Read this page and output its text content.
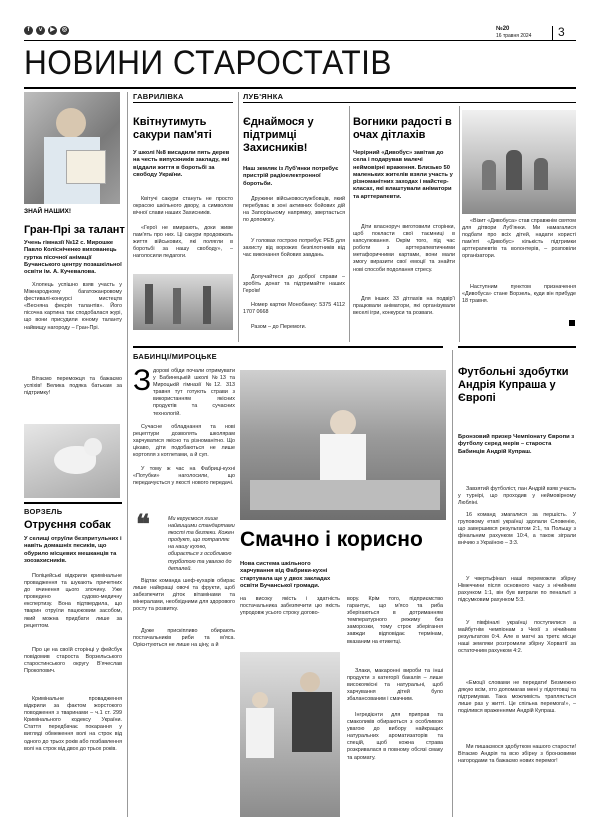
f	v	▶	◎	№20
16 травня 2024 3
НОВИНИ СТАРОСТАТІВ
ЗНАЙ НАШИХ!
Гран-Прі за талант
Учень гімназії №12 с. Мирошке Павло Колісніченко вихованець гуртка пісочної анімації Бучанського центру позашкільної освіти ім. А. Кучевалова.
Хлопець успішно взяв участь у Міжнародному багатожанровому фестивалі-конкурсі мистецтв «Весняна феєрія талантів». Його пісочна картина так сподобалася журі, що вони присудили юному таланту найвищу нагороду – Гран-Прі.
Вітаємо переможця та бажаємо успіхів! Велика подяка батькам за підтримку!
ВОРЗЕЛЬ
Отруєння собак
У селищі отруїли безпритульних і навіть домашніх песиків, що обурило місцевих мешканців та зоозахисників.
Поліцейські відкрили кримінальне провадження та шукають причетних до вчинення цього злочину. Уже проведено судово-медичну експертизу. Вона підтвердила, що тварин отруїли пацюковим засобом, який можна придбати лише за рецептом.
Про це на своїй сторінці у фейсбук повідомив староста Ворзельського старостинського округу В'ячеслав Прокопович.
Кримінальне провадження відкрили за фактом жорстокого поводження з тваринами – ч.1 ст. 299 Кримінального кодексу України. Стаття передбачає покарання у вигляді обмеження волі на строк від одного до трьох років або позбавлення волі на строк від двох до трьох років.
ГАВРИЛІВКА
Квітнутимуть сакури пам'яті
У школі №8 висадили пять дерев на честь випускників закладу, які віддали життя в боротьбі за свободу України.
Квітучі сакури стануть не просто окрасою шкільного двору, а символом вічної слави наших Захисників.
«Герої не вмирають, доки живе пам'ять про них. Ці сакури продовжать життя військових, які полягли в боротьбі за нашу свободу», – наголосили педагоги.
ЛУБ'ЯНКА
Єднаймося у підтримці Захисників!
Наш земляк із Луб'янки потребує пристрій радіоелектронної боротьби.
Дружини військовослужбовців, який перебуває в зоні активних бойових дій на Запорізькому напрямку, звертається по допомогу.
У головах гострою потребує РЕБ для захисту від ворожих безпілотників від час виконання бойових завдань.
Долучайтеся до доброї справи – зробіть донат та підтримайте наших Героїв!
Номер картки Монобанку: 5375 4112 1707 0668
Разом – до Перемоги.
Вогники радості в очах дітлахів
Черірний «Дивобус» завітав до села і подарував малечі неймовірні враження. Близько 50 маленьких жителів взяли участь у різноманітних заходах і майстер-класах, які влаштували аніматори та арттерапевти.
Діти власноруч виготовили сторінки, щоб покласти свої таємниці в капсулювання. Окрім того, під час роботи з арттерапевтичними метафоричними картами, вони мали змогу виразити свої емоції та знайти нові способи подолання стресу.
Для інших 33 дітлахів на подвір'ї працювали аніматори, які організували веселі ігри, конкурси та розваги.
«Візит «Дивобуса» став справжнім святом для дітвори Луб'янки. Ми намагалися подбати про всіх дітей, надати користі пам'яті «Дивобус» кількість підтримки арттерапевтів та волонтерів, – розповіли організатори.
Наступним пунктом призначення «Дивобуса» стане Ворзель, куди він прибуде 18 травня.
БАБИНЦІ/МИРОЦЬКЕ
З дорові обіди почали отримувати у Бабинецькій школі №13 та Мироцькій гімназії №12. 313 травня тут готують страви з використанням якісних продуктів та сучасних технологій.
Сучасне обладнання та нові рецептури дозволять школярам харчуватися якісно та різноманітно. Що цікаво, діти подобаються не лише кортопля з котлетами, а й суп.
У тому ж час на Фабриці-кухні «Потубки» наголосили, що передачується у якості нового передачі.
❝	Ми керуємося лише найвищими стандартами якості та безпеки. Кожен продукт, що потрапляє на нашу кухню, обирається з особливою турботою та увагою до деталей.
Відтак команда шеф-кухарів обирає лише найкращі овочі та фрукти, щоб забезпечити діток вітамінами та мінералами, необхідними для здорового росту та розвитку.
Дуже прискіпливо обирають постачальників риби та м'яса. Орієнтуються не лише на ціну, а й
Смачно і корисно
Нова система шкільного харчування від Фабрики-кухні стартувала ще у двох закладах освіти Бучанської громади.
на високу якість і здатність постачальника забезпечити цю якість упродовж усього строку догово-
вору. Крім того, підприємство гарантує, що м'ясо та риба зберігаються в дотриманням температурного режиму без заморозки, тому строк зберігання завжди відповідає термінам, вказаним на етикетці.
Злаки, макаронні вироби та інші продукти з категорії бакалія – лише високоякісні та натуральні, щоб харчування дітей було збалансованим і смачним.
Інгредієнти для приправ та смаколиків обираються з особливою увагою до вибору найкращих натуральних ароматизаторів та спецій, щоб кожна страва розкривалася в повному обсязі смаку та аромату.
Футбольні здобутки Андрія Купраша у Європі
Бронзовий призер Чемпіонату Європи з футболу серед мерів – староста Бабинців Андрій Купраш.
Завзятий футболіст, пан Андрій взяв участь у турнірі, що проходив у неймовірному Любліні.
16 команд змагалися за першість. У груповому етапі українці здолали Словенію, що завершився результатом 2:1, та Польщу з фінальним рахунком 10:4, а також зіграли внічию з Україною – 3:3.
У чвертьфінал наші переможли збірну Німеччини після основного часу з нічийним рахунком 1:1, він був виграли по пенальті з підсумковим рахунком 5:3.
У півфіналі українці поступилися а майбутнім чемпіонам з Чехії з нічийним результатом 0:4. Але в матчі за третє місце наші земляки розгромили збірну Хорватії за остаточним рахунком 4:2.
«Емоції словами не передати! Безмежно дякую всім, хто допомагав мені у підготовці та підтримував. Така можливість трапляється лише раз у житті. Це спільна перемога!», – поділився враженнями Андрій Купраш.
Ми пишаємося здобутком нашого старости! Вітаємо Андрія та всю збірну з бронзовими нагородами та бажаємо нових перемог!
